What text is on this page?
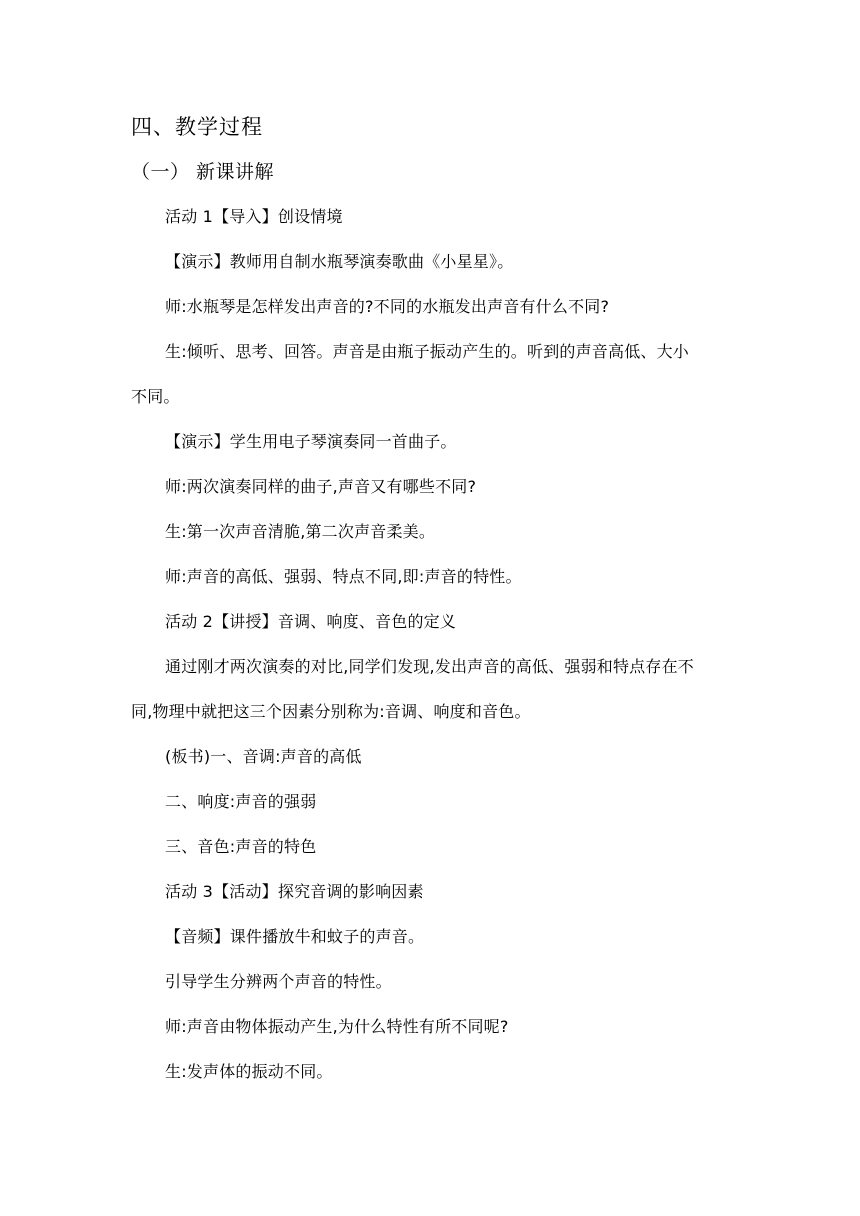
四、教学过程
（一） 新课讲解
活动 1【导入】创设情境
【演示】教师用自制水瓶琴演奏歌曲《小星星》。
师:水瓶琴是怎样发出声音的?不同的水瓶发出声音有什么不同?
生:倾听、思考、回答。声音是由瓶子振动产生的。听到的声音高低、大小
不同。
【演示】学生用电子琴演奏同一首曲子。
师:两次演奏同样的曲子,声音又有哪些不同?
生:第一次声音清脆,第二次声音柔美。
师:声音的高低、强弱、特点不同,即:声音的特性。
活动 2【讲授】音调、响度、音色的定义
通过刚才两次演奏的对比,同学们发现,发出声音的高低、强弱和特点存在不
同,物理中就把这三个因素分别称为:音调、响度和音色。
(板书)一、音调:声音的高低
二、响度:声音的强弱
三、音色:声音的特色
活动 3【活动】探究音调的影响因素
【音频】课件播放牛和蚊子的声音。
引导学生分辨两个声音的特性。
师:声音由物体振动产生,为什么特性有所不同呢?
生:发声体的振动不同。
